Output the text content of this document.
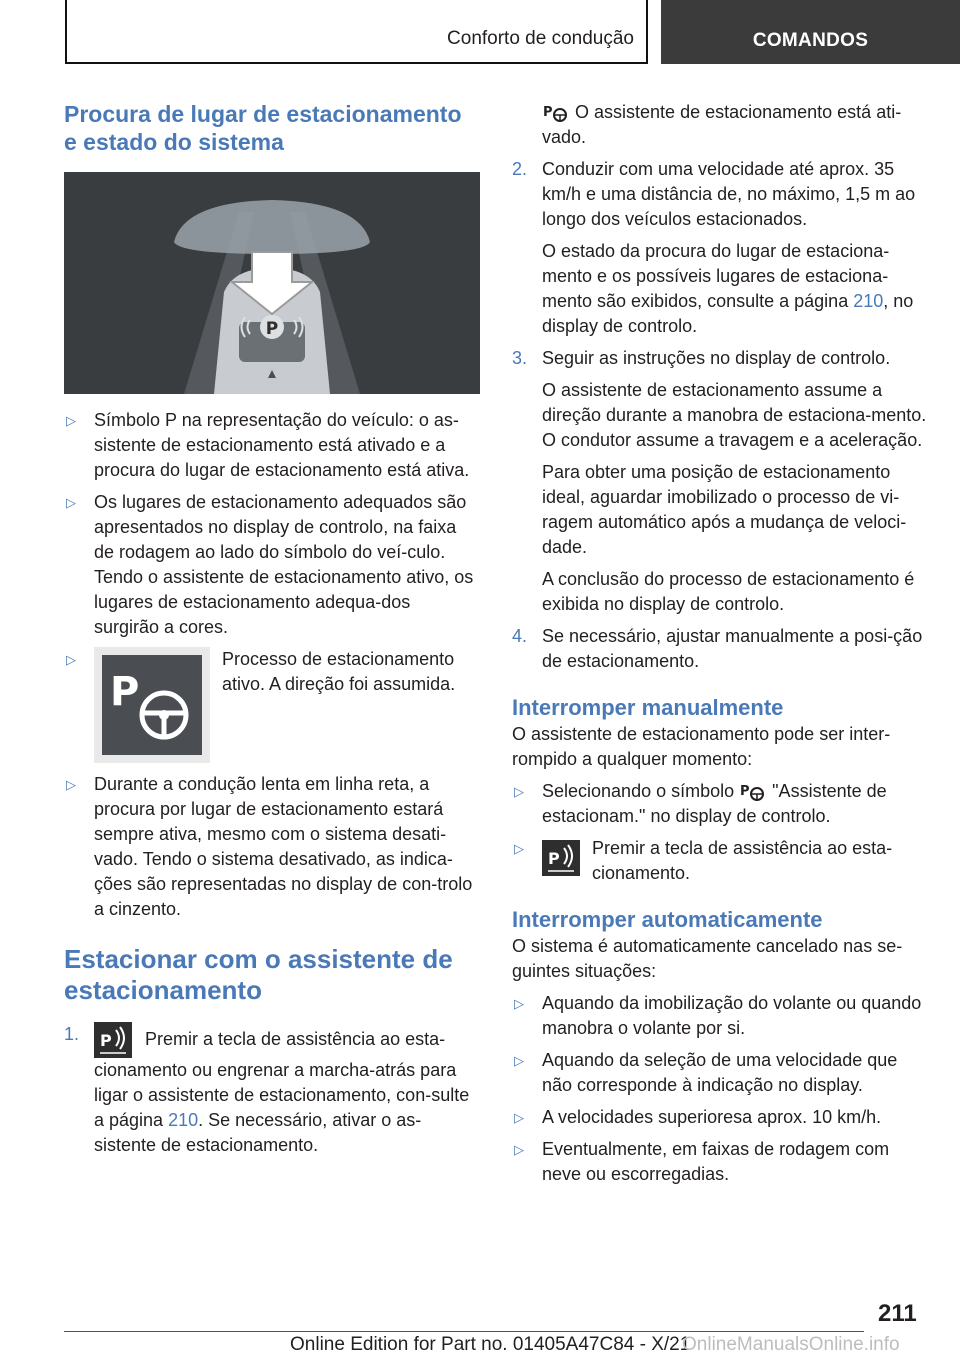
Conforto de condução	COMANDOS
Procura de lugar de estacionamento e estado do sistema
P
▷ Símbolo P na representação do veículo: o as-sistente de estacionamento está ativado e a procura do lugar de estacionamento está ativa.
▷ Os lugares de estacionamento adequados são apresentados no display de controlo, na faixa de rodagem ao lado do símbolo do veí-culo. Tendo o assistente de estacionamento ativo, os lugares de estacionamento adequa-dos surgirão a cores.
▷
P
Processo de estacionamento ativo. A direção foi assumida.
▷ Durante a condução lenta em linha reta, a procura por lugar de estacionamento estará sempre ativa, mesmo com o sistema desati-vado. Tendo o sistema desativado, as indica-ções são representadas no display de con-trolo a cinzento.
Estacionar com o assistente de estacionamento
1. P Premir a tecla de assistência ao esta-cionamento ou engrenar a marcha-atrás para ligar o assistente de estacionamento, con-sulte a página 210. Se necessário, ativar o as-sistente de estacionamento.
P O assistente de estacionamento está ati-vado.
2. Conduzir com uma velocidade até aprox. 35 km/h e uma distância de, no máximo, 1,5 m ao longo dos veículos estacionados.

O estado da procura do lugar de estaciona-mento e os possíveis lugares de estaciona-mento são exibidos, consulte a página 210, no display de controlo.

3. Seguir as instruções no display de controlo.

O assistente de estacionamento assume a direção durante a manobra de estaciona-mento. O condutor assume a travagem e a aceleração.

Para obter uma posição de estacionamento ideal, aguardar imobilizado o processo de vi-ragem automático após a mudança de veloci-dade.

A conclusão do processo de estacionamento é exibida no display de controlo.

4. Se necessário, ajustar manualmente a posi-ção de estacionamento.

Interromper manualmente

O assistente de estacionamento pode ser inter-rompido a qualquer momento:

▷ Selecionando o símbolo P "Assistente de estacionam." no display de controlo.
▷
P
Premir a tecla de assistência ao esta-cionamento.
Interromper automaticamente

O sistema é automaticamente cancelado nas se-guintes situações:

▷ Aquando da imobilização do volante ou quando manobra o volante por si.
▷ Aquando da seleção de uma velocidade que não corresponde à indicação no display.
▷ A velocidades superioresa aprox. 10 km/h.
▷ Eventualmente, em faixas de rodagem com neve ou escorregadias.
211
Online Edition for Part no. 01405A47C84 - X/21
OnlineManualsOnline.info
